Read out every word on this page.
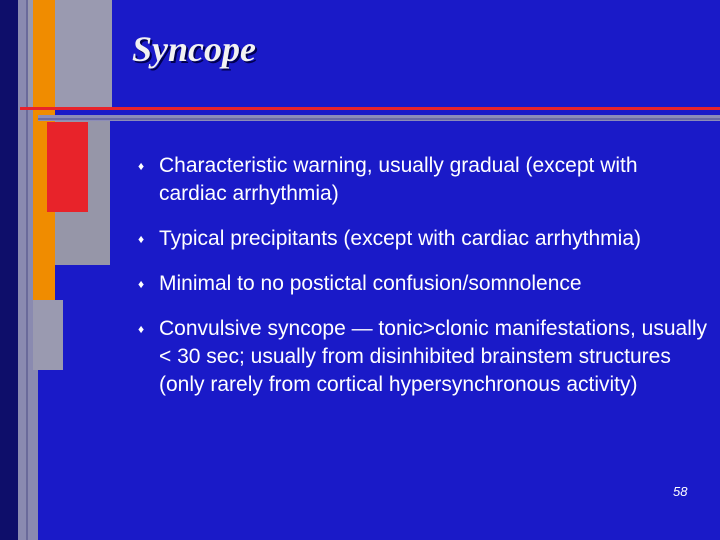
Syncope
♦ Characteristic warning, usually gradual (except with cardiac arrhythmia)
♦ Typical precipitants (except with cardiac arrhythmia)
♦ Minimal to no postictal confusion/somnolence
♦ Convulsive syncope — tonic>clonic manifestations, usually < 30 sec; usually from disinhibited brainstem structures (only rarely from cortical hypersynchronous activity)
58
